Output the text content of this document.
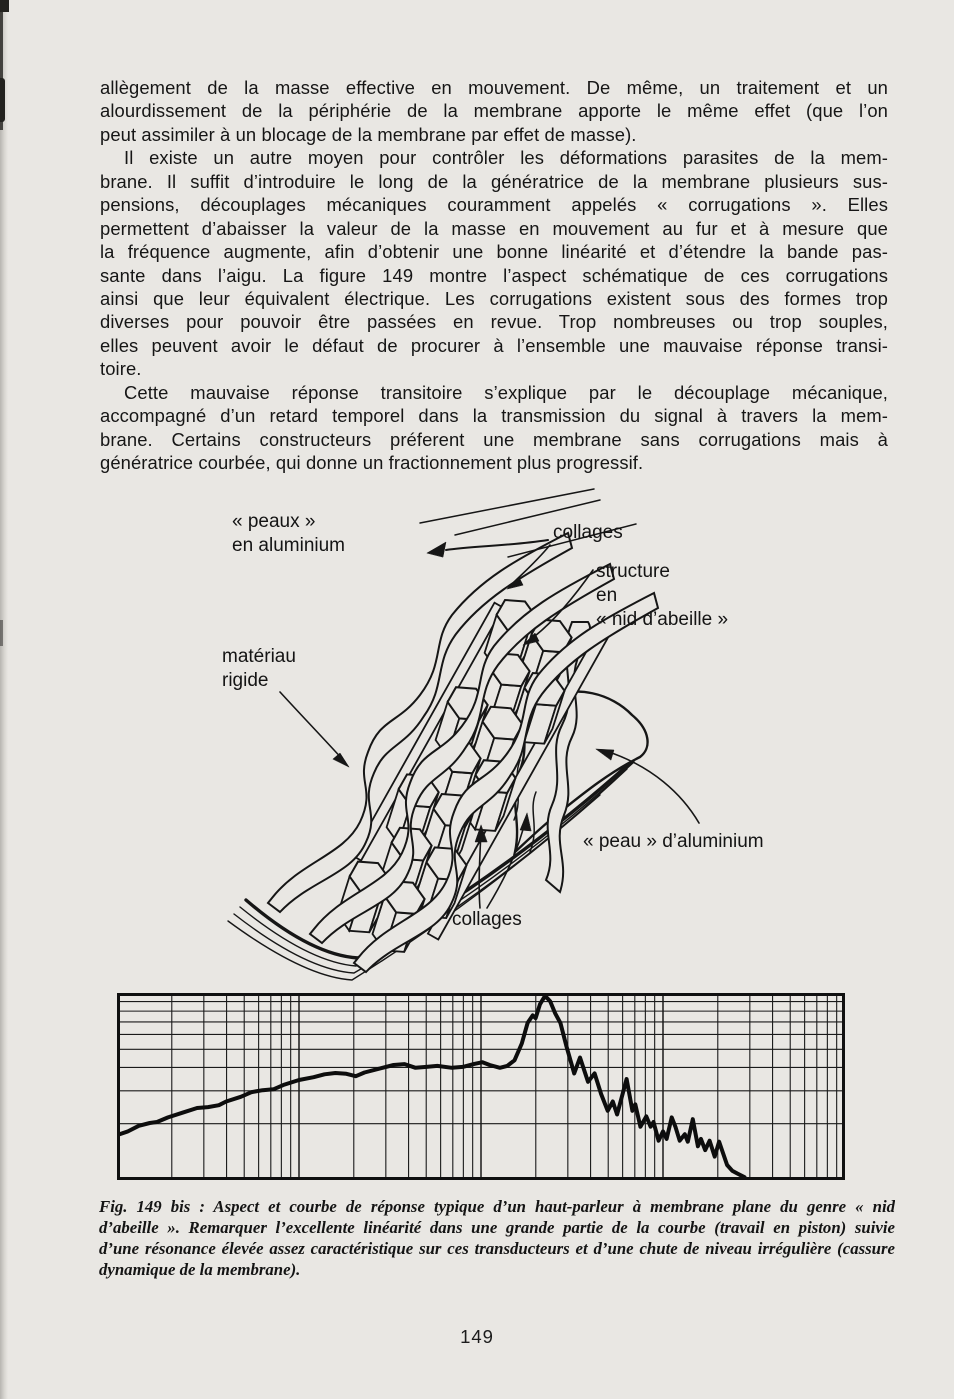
allègement de la masse effective en mouvement. De même, un traitement et un
alourdissement de la périphérie de la membrane apporte le même effet (que l’on
peut assimiler à un blocage de la membrane par effet de masse).
Il existe un autre moyen pour contrôler les déformations parasites de la mem-
brane. Il suffit d’introduire le long de la génératrice de la membrane plusieurs sus-
pensions, découplages mécaniques couramment appelés « corrugations ». Elles
permettent d’abaisser la valeur de la masse en mouvement au fur et à mesure que
la fréquence augmente, afin d’obtenir une bonne linéarité et d’étendre la bande pas-
sante dans l’aigu. La figure 149 montre l’aspect schématique de ces corrugations
ainsi que leur équivalent électrique. Les corrugations existent sous des formes trop
diverses pour pouvoir être passées en revue. Trop nombreuses ou trop souples,
elles peuvent avoir le défaut de procurer à l’ensemble une mauvaise réponse transi-
toire.
Cette mauvaise réponse transitoire s’explique par le découplage mécanique,
accompagné d’un retard temporel dans la transmission du signal à travers la mem-
brane. Certains constructeurs préferent une membrane sans corrugations mais à
génératrice courbée, qui donne un fractionnement plus progressif.
« peaux »
en aluminium
collages
structure
en
« nid d’abeille »
matériau
rigide
« peau » d’aluminium
collages
Fig. 149 bis : Aspect et courbe de réponse typique d’un haut-parleur à membrane plane du genre « nid
d’abeille ». Remarquer l’excellente linéarité dans une grande partie de la courbe (travail en piston) suivie
d’une résonance élevée assez caractéristique sur ces transducteurs et d’une chute de niveau irrégulière (cassure
dynamique de la membrane).
149
